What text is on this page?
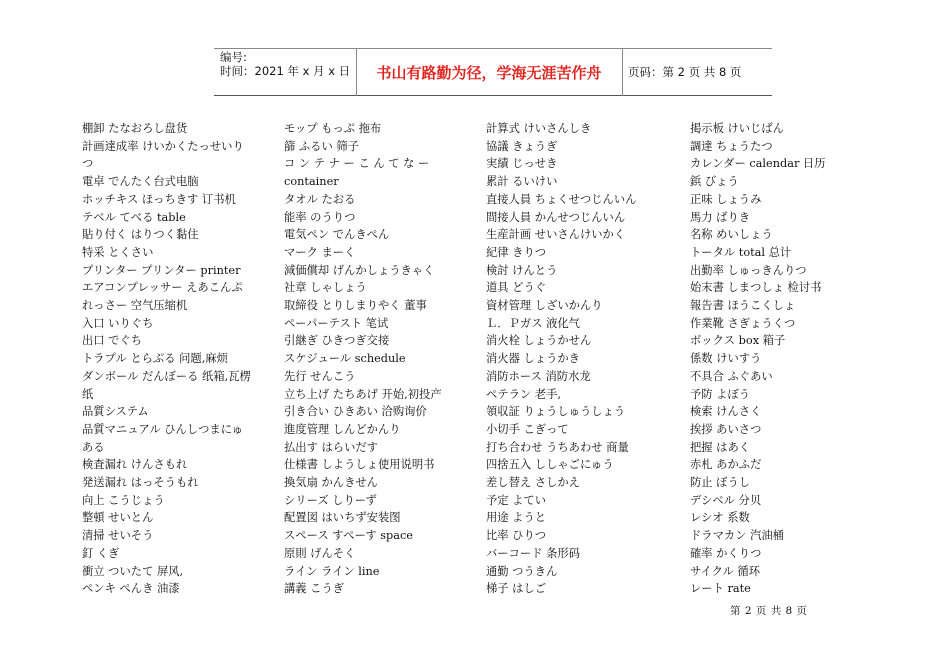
编号:
时间：2021 年 x 月 x 日	书山有路勤为径，学海无涯苦作舟	页码：第 2 页 共 8 页
棚卸 たなおろし盘货
計画達成率 けいかくたっせいり
つ
電卓 でんたく台式电脑
ホッチキス ほっちきす 订书机
テベル てべる table
貼り付く はりつく黏住
特采 とくさい
プリンター プリンター printer
エアコンプレッサー えあこんぷ
れっさー 空气压缩机
入口 いりぐち
出口 でぐち
トラプル とらぶる 问题,麻烦
ダンボール だんぼーる 纸箱,瓦楞
纸
品質システム
品質マニュアル ひんしつまにゅ
ある
検査漏れ けんさもれ
発送漏れ はっそうもれ
向上 こうじょう
整頓 せいとん
清掃 せいそう
釘 くぎ
衝立 ついたて 屏风,
ペンキ ぺんき 油漆
モップ もっぷ 拖布
篩 ふるい 筛子
コ ン テ ナ ー こ ん て な ー
container
タオル たおる
能率 のうりつ
電気ペン でんきぺん
マーク まーく
減価償却 げんかしょうきゃく
社章 しゃしょう
取締役 とりしまりやく 董事
ペーパーテスト 笔试
引継ぎ ひきつぎ交接
スケジュール schedule
先行 せんこう
立ち上げ たちあげ 开始,初投产
引き合い ひきあい 洽购询价
進度管理 しんどかんり
払出す はらいだす
仕様書 しようしょ使用说明书
換気扇 かんきせん
シリーズ しりーず
配置図 はいちず安装图
スペース すぺーす space
原則 げんそく
ライン ライン line
講義 こうぎ
計算式 けいさんしき
協議 きょうぎ
実績 じっせき
累計 るいけい
直接人員 ちょくせつじんいん
間接人員 かんせつじんいん
生産計画 せいさんけいかく
紀律 きりつ
検討 けんとう
道具 どうぐ
資材管理 しざいかんり
Ｌ．Ｐガス 液化气
消火栓 しょうかせん
消火器 しょうかき
消防ホース 消防水龙
ペテラン 老手,
領収証 りょうしゅうしょう
小切手 こぎって
打ち合わせ うちあわせ 商量
四捨五入 ししゃごにゅう
差し替え さしかえ
予定 よてい
用途 ようと
比率 ひりつ
バーコード 条形码
通勤 つうきん
梯子 はしご
掲示板 けいじばん
調達 ちょうたつ
カレンダー calendar 日历
鋲 びょう
正味 しょうみ
馬力 ばりき
名称 めいしょう
トータル total 总计
出勤率 しゅっきんりつ
始末書 しまつしょ 检讨书
報告書 ほうこくしょ
作業靴 さぎょうくつ
ボックス box 箱子
係数 けいすう
不具合 ふぐあい
予防 よぼう
検索 けんさく
挨拶 あいさつ
把握 はあく
赤札 あかふだ
防止 ぼうし
デシベル 分贝
レシオ 系数
ドラマカン 汽油桶
確率 かくりつ
サイクル 循环
レート rate
第 2 页 共 8 页
